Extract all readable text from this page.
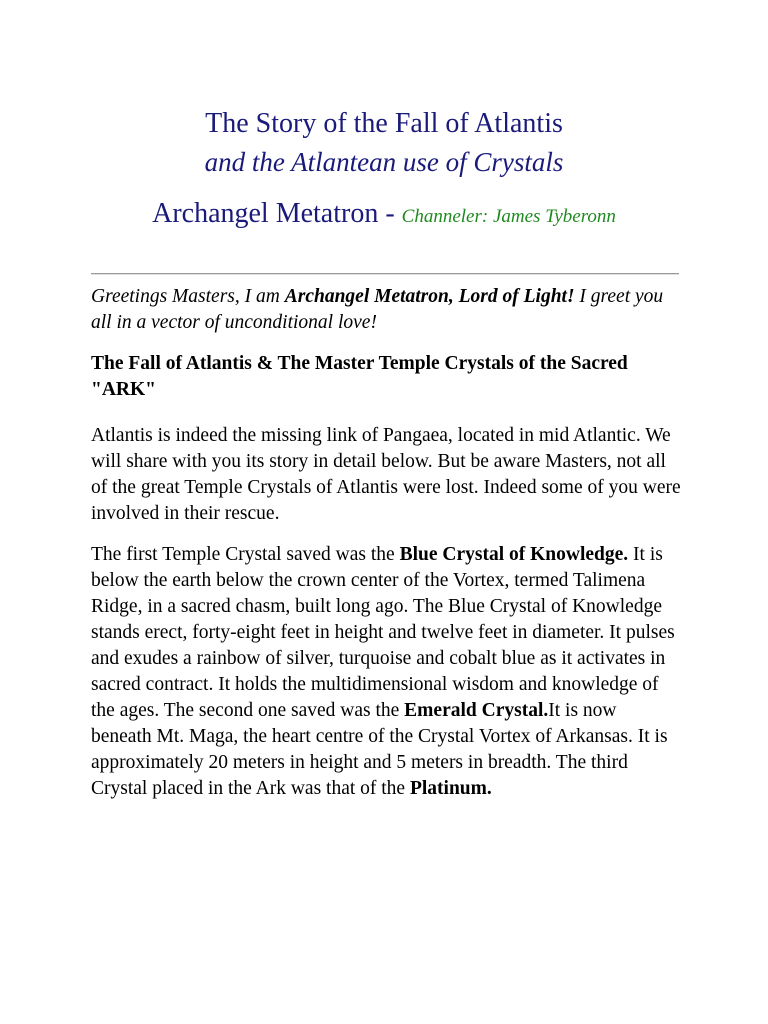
The Story of the Fall of Atlantis
and the Atlantean use of Crystals
Archangel Metatron - Channeler: James Tyberonn

Greetings Masters, I am Archangel Metatron, Lord of Light! I greet you all in a vector of unconditional love!

The Fall of Atlantis & The Master Temple Crystals of the Sacred "ARK"

Atlantis is indeed the missing link of Pangaea, located in mid Atlantic. We will share with you its story in detail below. But be aware Masters, not all of the great Temple Crystals of Atlantis were lost. Indeed some of you were involved in their rescue.

The first Temple Crystal saved was the Blue Crystal of Knowledge. It is below the earth below the crown center of the Vortex, termed Talimena Ridge, in a sacred chasm, built long ago. The Blue Crystal of Knowledge stands erect, forty-eight feet in height and twelve feet in diameter. It pulses and exudes a rainbow of silver, turquoise and cobalt blue as it activates in sacred contract. It holds the multidimensional wisdom and knowledge of the ages. The second one saved was the Emerald Crystal.It is now beneath Mt. Maga, the heart centre of the Crystal Vortex of Arkansas. It is approximately 20 meters in height and 5 meters in breadth. The third Crystal placed in the Ark was that of the Platinum.
